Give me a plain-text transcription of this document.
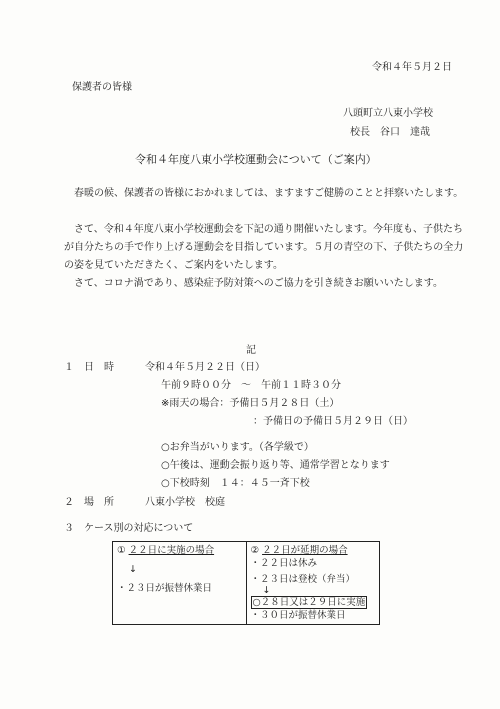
令和４年５月２日
保護者の皆様
八頭町立八東小学校
校長　谷口　達哉
令和４年度八東小学校運動会について（ご案内）
　春暖の候、保護者の皆様におかれましては、ますますご健勝のことと拝察いたします。
　さて、令和４年度八東小学校運動会を下記の通り開催いたします。今年度も、子供たちが自分たちの手で作り上げる運動会を目指しています。５月の青空の下、子供たちの全力の姿を見ていただきたく、ご案内をいたします。
　さて、コロナ渦であり、感染症予防対策へのご協力を引き続きお願いいたします。
記
１　日　時	令和４年５月２２日（日）
午前９時００分　～　午前１１時３０分
※雨天の場合：予備日５月２８日（土）
：予備日の予備日５月２９日（日）
○お弁当がいります。（各学級で）
○午後は、運動会振り返り等、通常学習となります
○下校時刻　１４：４５一斉下校
２　場　所	八東小学校　校庭
３　ケース別の対応について
① ２２日に実施の場合
↓
・２３日が振替休業日

② ２２日が延期の場合
・２２日は休み
・２３日は登校（弁当）
↓
○２８日又は２９日に実施
・３０日が振替休業日
